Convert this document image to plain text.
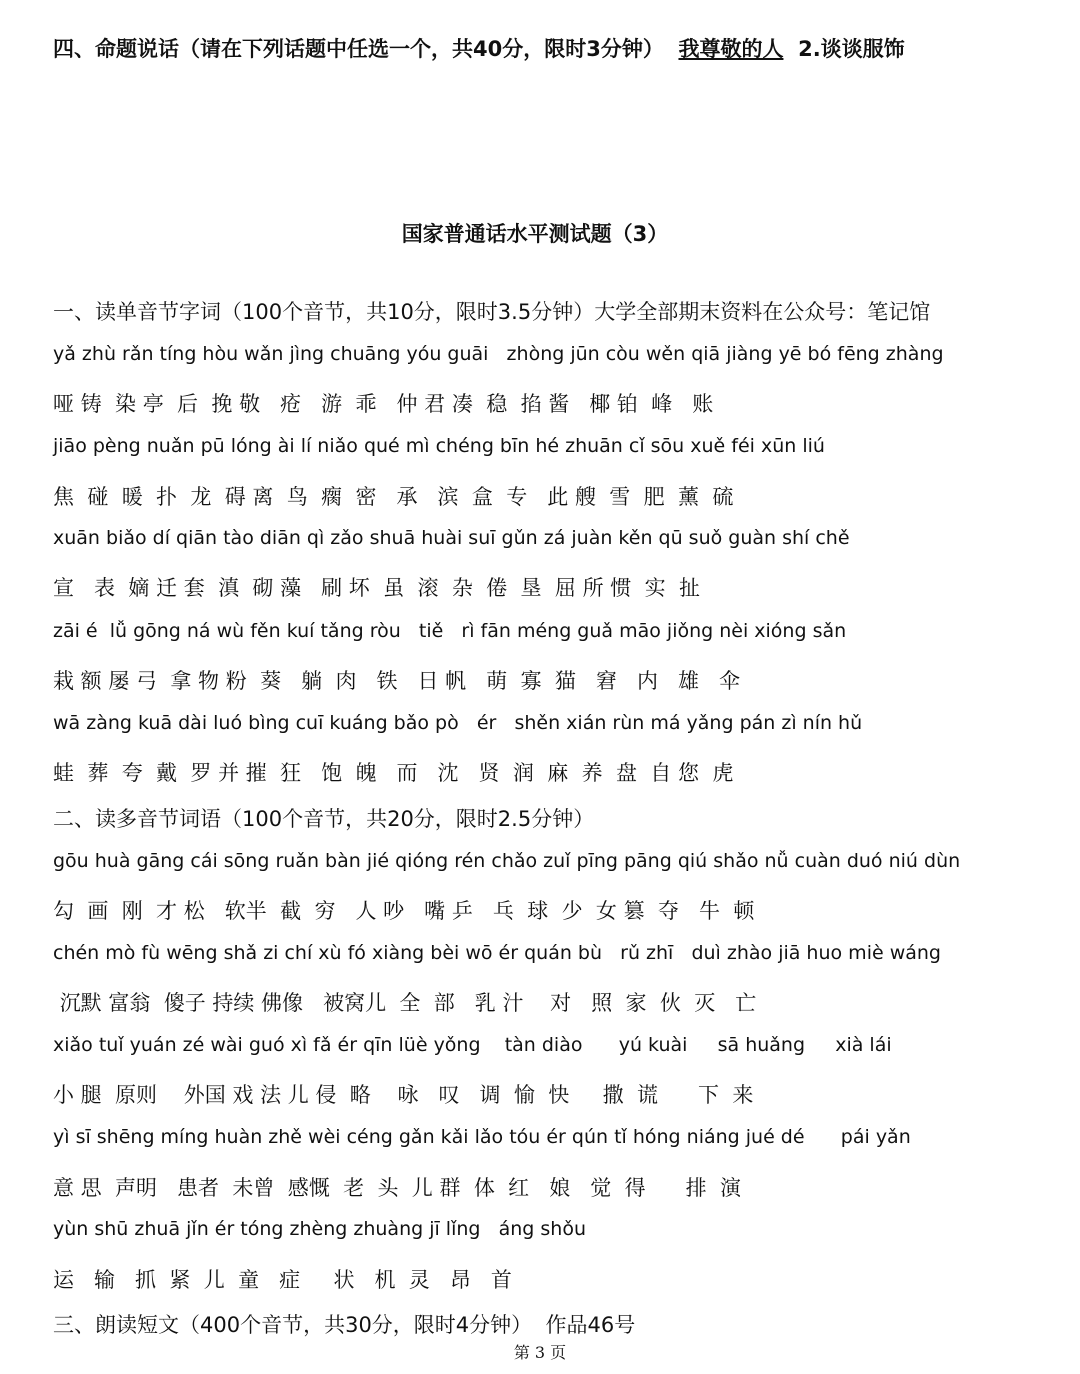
四、命题说话（请在下列话题中任选一个，共40分，限时3分钟）  我尊敬的人  2.谈谈服饰
国家普通话水平测试题（3）
一、读单音节字词（100个音节，共10分，限时3.5分钟）大学全部期末资料在公众号：笔记馆
yǎ zhù rǎn tíng hòu wǎn jìng chuāng yóu guāi   zhòng jūn còu wěn qiā jiàng yē bó fēng zhàng
哑 铸  染 亭  后  挽 敬   疮   游  乖   仲 君 凑  稳  掐 酱   椰 铂  峰   账
jiāo pèng nuǎn pū lóng ài lí niǎo qué mì chéng bīn hé zhuān cǐ sōu xuě féi xūn liú
焦  碰  暖  扑  龙  碍 离  鸟  瘸  密   承   滨  盒  专   此 艘  雪  肥  薰  硫
xuān biǎo dí qiān tào diān qì zǎo shuā huài suī gǔn zá juàn kěn qū suǒ guàn shí chě
宣   表  嫡 迁 套  滇  砌 藻   刷 坏  虽  滚  杂  倦  垦  屈 所 惯  实  扯
zāi é  lǚ gōng ná wù fěn kuí tǎng ròu   tiě   rì fān méng guǎ māo jiǒng nèi xióng sǎn
栽 额 屡 弓  拿 物 粉  葵   躺  肉   铁   日 帆   萌  寡  猫   窘   内   雄   伞
wā zàng kuā dài luó bìng cuī kuáng bǎo pò   ér   shěn xián rùn má yǎng pán zì nín hǔ
蛙  葬  夸  戴  罗 并 摧  狂   饱  魄   而   沈   贤  润  麻  养  盘  自 您  虎
二、读多音节词语（100个音节，共20分，限时2.5分钟）
gōu huà gāng cái sōng ruǎn bàn jié qióng rén chǎo zuǐ pīng pāng qiú shǎo nǚ cuàn duó niú dùn
勾  画  刚  才 松   软半  截  穷   人 吵   嘴 乒   乓  球  少  女 篡  夺   牛  顿
chén mò fù wēng shǎ zi chí xù fó xiàng bèi wō ér quán bù   rǔ zhī   duì zhào jiā huo miè wáng
沉默 富翁  傻子 持续 佛像   被窝儿  全  部   乳 汁    对   照  家  伙  灭   亡
xiǎo tuǐ yuán zé wài guó xì fǎ ér qīn lüè yǒng    tàn diào      yú kuài     sā huǎng     xià lái
小 腿  原则    外国 戏 法 儿 侵  略    咏   叹   调  愉  快     撒  谎      下  来
yì sī shēng míng huàn zhě wèi céng gǎn kǎi lǎo tóu ér qún tǐ hóng niáng jué dé      pái yǎn
意 思  声明   患者  未曾  感慨  老  头  儿 群  体  红   娘   觉  得      排  演
yùn shū zhuā jǐn ér tóng zhèng zhuàng jī lǐng   áng shǒu
运   输   抓  紧  儿  童   症     状   机  灵   昂   首
三、朗读短文（400个音节，共30分，限时4分钟）  作品46号
第 3 页
